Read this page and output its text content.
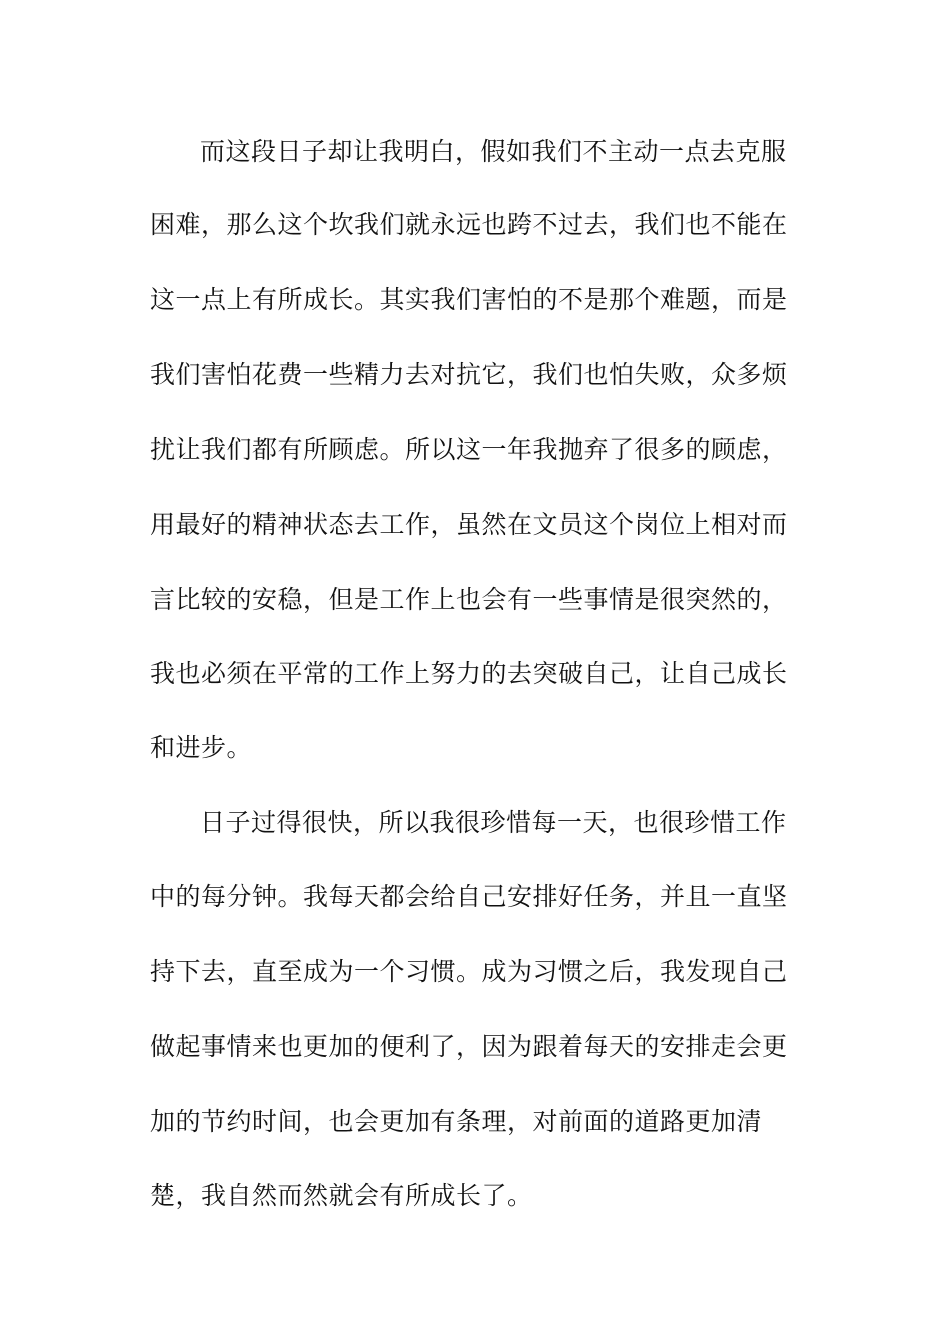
而这段日子却让我明白，假如我们不主动一点去克服
困难，那么这个坎我们就永远也跨不过去，我们也不能在
这一点上有所成长。其实我们害怕的不是那个难题，而是
我们害怕花费一些精力去对抗它，我们也怕失败，众多烦
扰让我们都有所顾虑。所以这一年我抛弃了很多的顾虑，
用最好的精神状态去工作，虽然在文员这个岗位上相对而
言比较的安稳，但是工作上也会有一些事情是很突然的，
我也必须在平常的工作上努力的去突破自己，让自己成长
和进步。
日子过得很快，所以我很珍惜每一天，也很珍惜工作
中的每分钟。我每天都会给自己安排好任务，并且一直坚
持下去，直至成为一个习惯。成为习惯之后，我发现自己
做起事情来也更加的便利了，因为跟着每天的安排走会更
加的节约时间，也会更加有条理，对前面的道路更加清
楚，我自然而然就会有所成长了。
